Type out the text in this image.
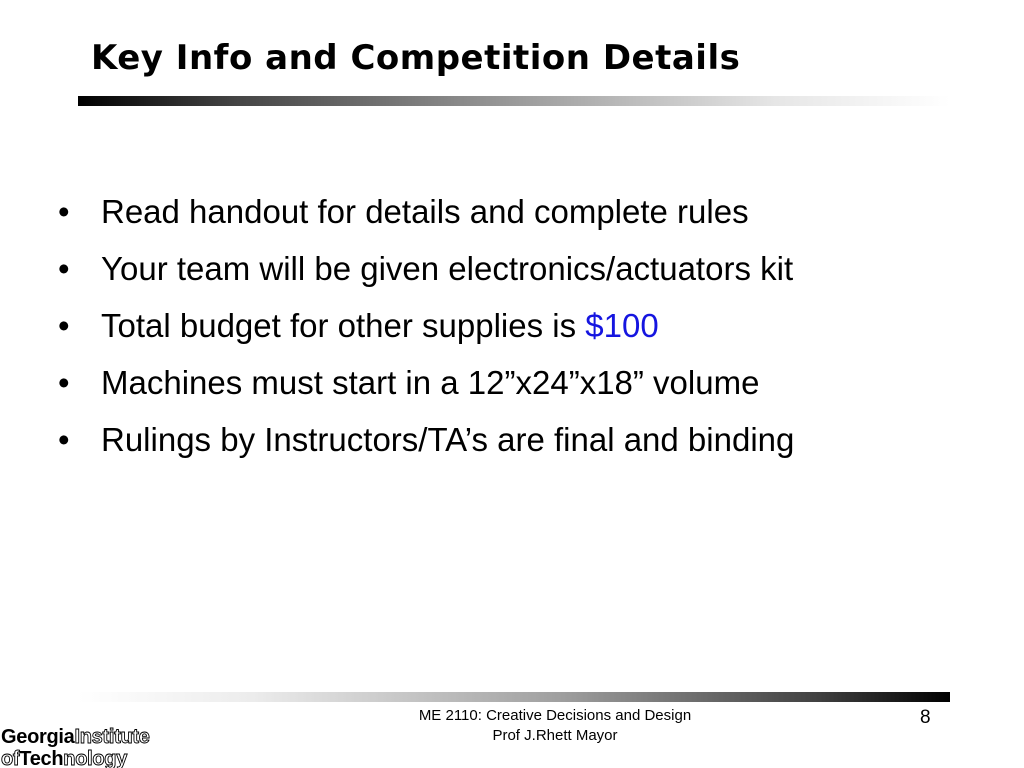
Key Info and Competition Details
• Read handout for details and complete rules
• Your team will be given electronics/actuators kit
• Total budget for other supplies is $100
• Machines must start in a 12”x24”x18” volume
• Rulings by Instructors/TA’s are final and binding
ME 2110: Creative Decisions and Design
Prof J.Rhett Mayor
8
GeorgiaInstitute
ofTechnology
